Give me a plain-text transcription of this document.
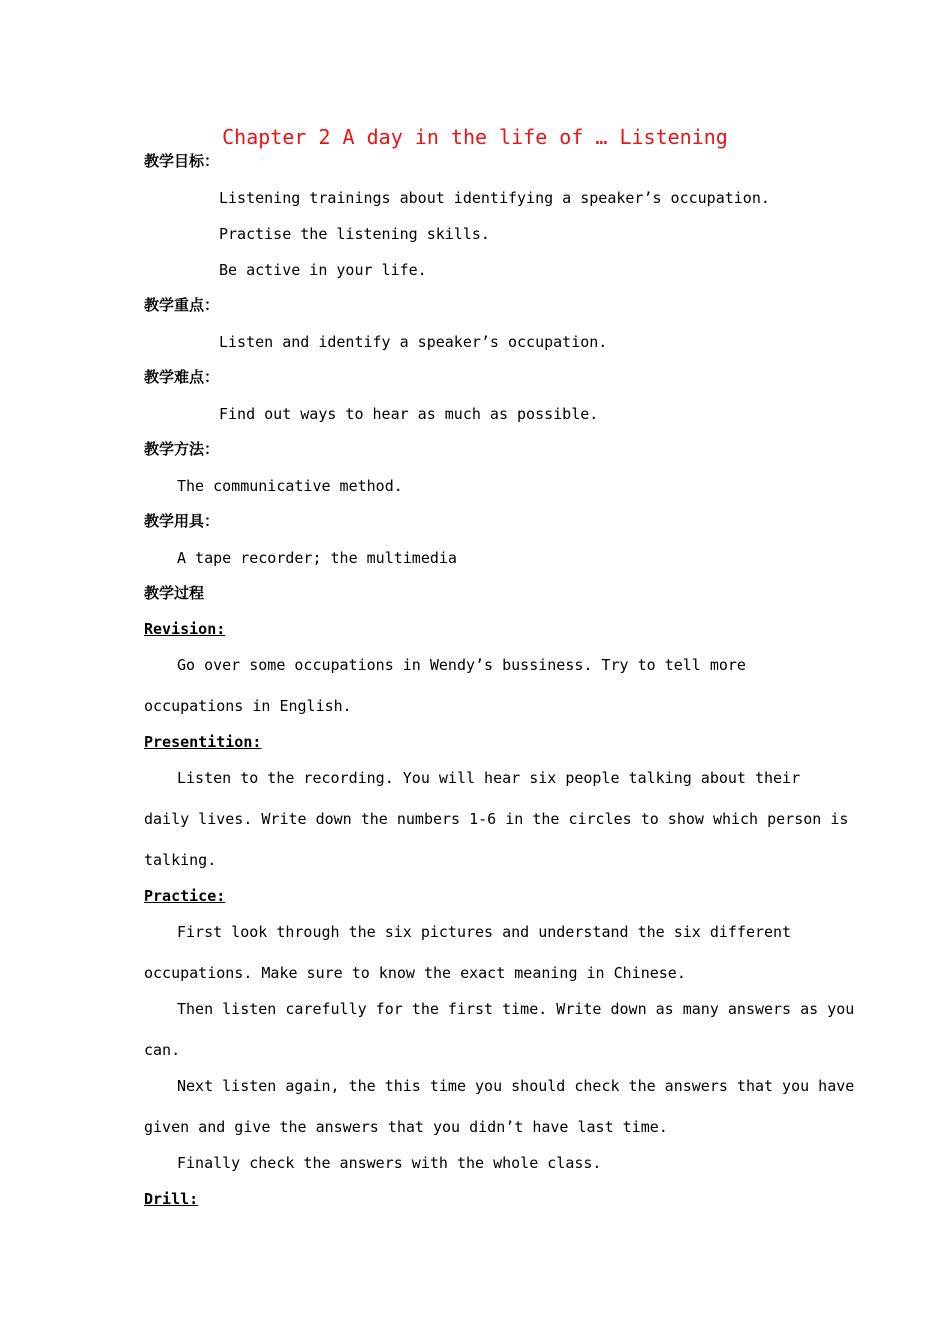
Chapter 2 A day in the life of … Listening
教学目标：
Listening trainings about identifying a speaker’s occupation.
Practise the listening skills.
Be active in your life.
教学重点：
Listen and identify a speaker’s occupation.
教学难点：
Find out ways to hear as much as possible.
教学方法：
The communicative method.
教学用具：
A tape recorder; the multimedia
教学过程
Revision:
Go over some occupations in Wendy’s bussiness. Try to tell more
occupations in English.
Presentition:
Listen to the recording. You will hear six people talking about their
daily lives. Write down the numbers 1-6 in the circles to show which person is
talking.
Practice:
First look through the six pictures and understand the six different
occupations. Make sure to know the exact meaning in Chinese.
Then listen carefully for the first time. Write down as many answers as you
can.
Next listen again, the this time you should check the answers that you have
given and give the answers that you didn’t have last time.
Finally check the answers with the whole class.
Drill:
